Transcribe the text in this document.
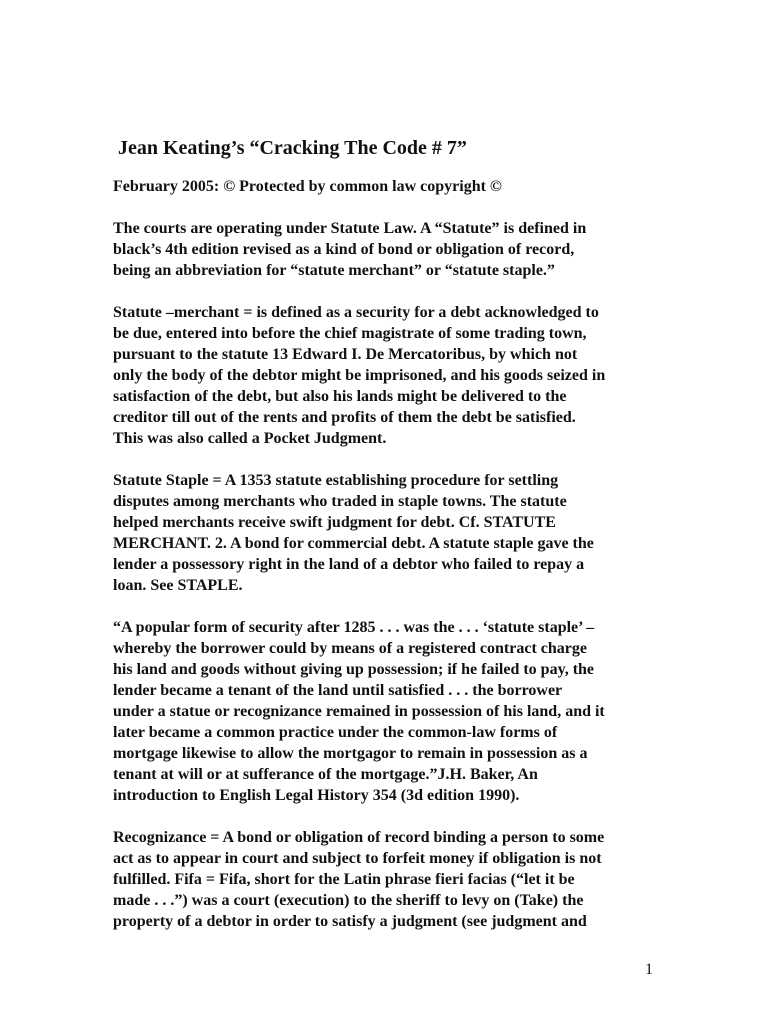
Jean Keating’s “Cracking The Code # 7”
February 2005: © Protected by common law copyright ©
The courts are operating under Statute Law. A “Statute” is defined in
black’s 4th edition revised as a kind of bond or obligation of record,
being an abbreviation for “statute merchant” or “statute staple.”
Statute –merchant = is defined as a security for a debt acknowledged to
be due, entered into before the chief magistrate of some trading town,
pursuant to the statute 13 Edward I. De Mercatoribus, by which not
only the body of the debtor might be imprisoned, and his goods seized in
satisfaction of the debt, but also his lands might be delivered to the
creditor till out of the rents and profits of them the debt be satisfied.
This was also called a Pocket Judgment.
Statute Staple = A 1353 statute establishing procedure for settling
disputes among merchants who traded in staple towns. The statute
helped merchants receive swift judgment for debt. Cf. STATUTE
MERCHANT. 2. A bond for commercial debt. A statute staple gave the
lender a possessory right in the land of a debtor who failed to repay a
loan. See STAPLE.
“A popular form of security after 1285 . . . was the . . . ‘statute staple’ –
whereby the borrower could by means of a registered contract charge
his land and goods without giving up possession; if he failed to pay, the
lender became a tenant of the land until satisfied . . . the borrower
under a statue or recognizance remained in possession of his land, and it
later became a common practice under the common-law forms of
mortgage likewise to allow the mortgagor to remain in possession as a
tenant at will or at sufferance of the mortgage.”J.H. Baker, An
introduction to English Legal History 354 (3d edition 1990).
Recognizance = A bond or obligation of record binding a person to some
act as to appear in court and subject to forfeit money if obligation is not
fulfilled. Fifa = Fifa, short for the Latin phrase fieri facias (“let it be
made . . .”) was a court (execution) to the sheriff to levy on (Take) the
property of a debtor in order to satisfy a judgment (see judgment and
1
